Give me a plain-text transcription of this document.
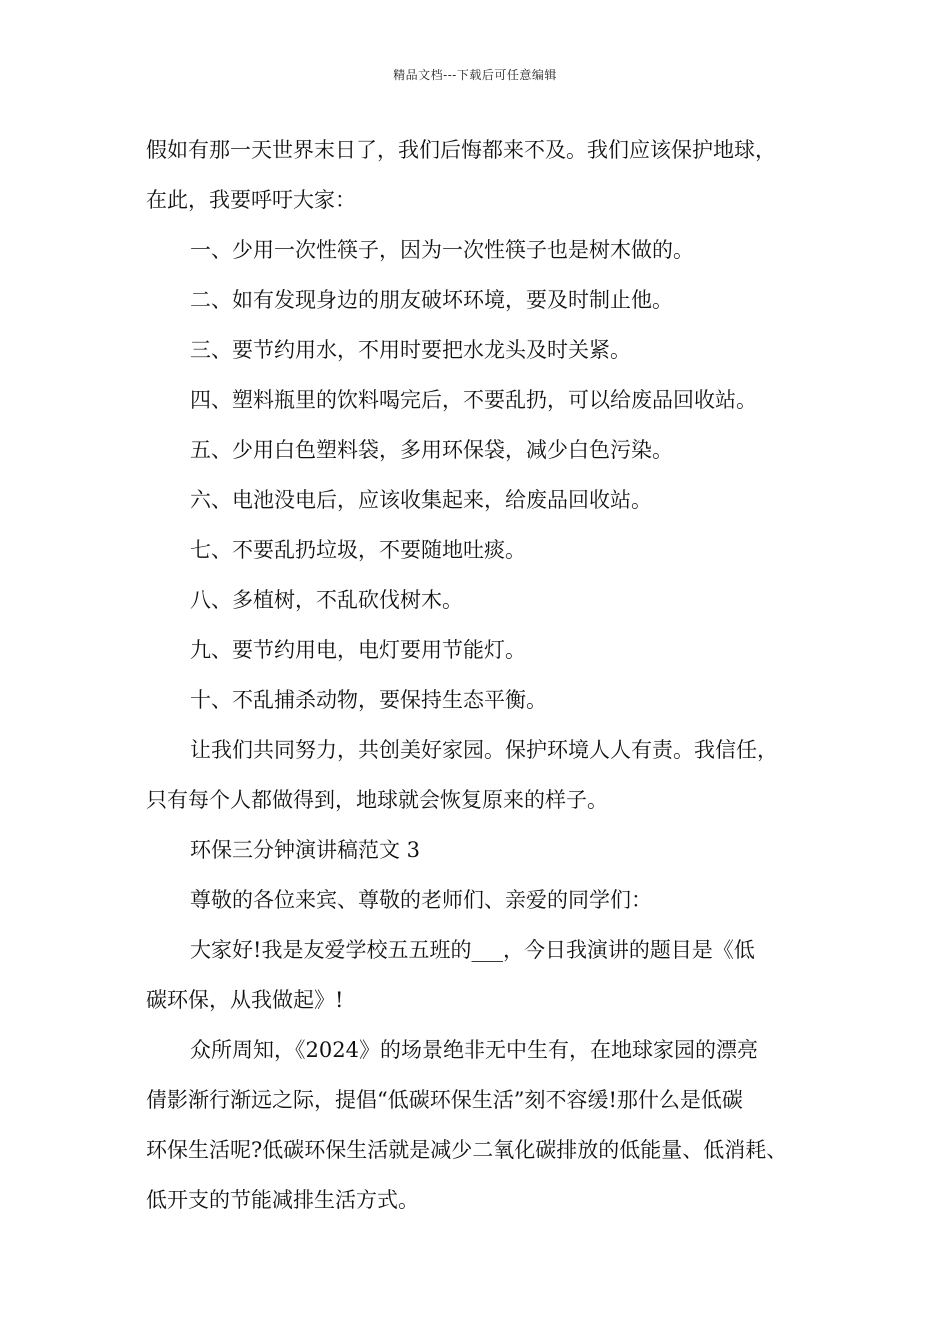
精品文档---下载后可任意编辑
假如有那一天世界末日了，我们后悔都来不及。我们应该保护地球，
在此，我要呼吁大家：
一、少用一次性筷子，因为一次性筷子也是树木做的。
二、如有发现身边的朋友破坏环境，要及时制止他。
三、要节约用水，不用时要把水龙头及时关紧。
四、塑料瓶里的饮料喝完后，不要乱扔，可以给废品回收站。
五、少用白色塑料袋，多用环保袋，减少白色污染。
六、电池没电后，应该收集起来，给废品回收站。
七、不要乱扔垃圾，不要随地吐痰。
八、多植树，不乱砍伐树木。
九、要节约用电，电灯要用节能灯。
十、不乱捕杀动物，要保持生态平衡。
让我们共同努力，共创美好家园。保护环境人人有责。我信任，
只有每个人都做得到，地球就会恢复原来的样子。
环保三分钟演讲稿范文 3
尊敬的各位来宾、尊敬的老师们、亲爱的同学们：
大家好!我是友爱学校五五班的___，今日我演讲的题目是《低
碳环保，从我做起》!
众所周知，《2024》的场景绝非无中生有，在地球家园的漂亮
倩影渐行渐远之际，提倡“低碳环保生活”刻不容缓!那什么是低碳
环保生活呢?低碳环保生活就是减少二氧化碳排放的低能量、低消耗、
低开支的节能减排生活方式。
